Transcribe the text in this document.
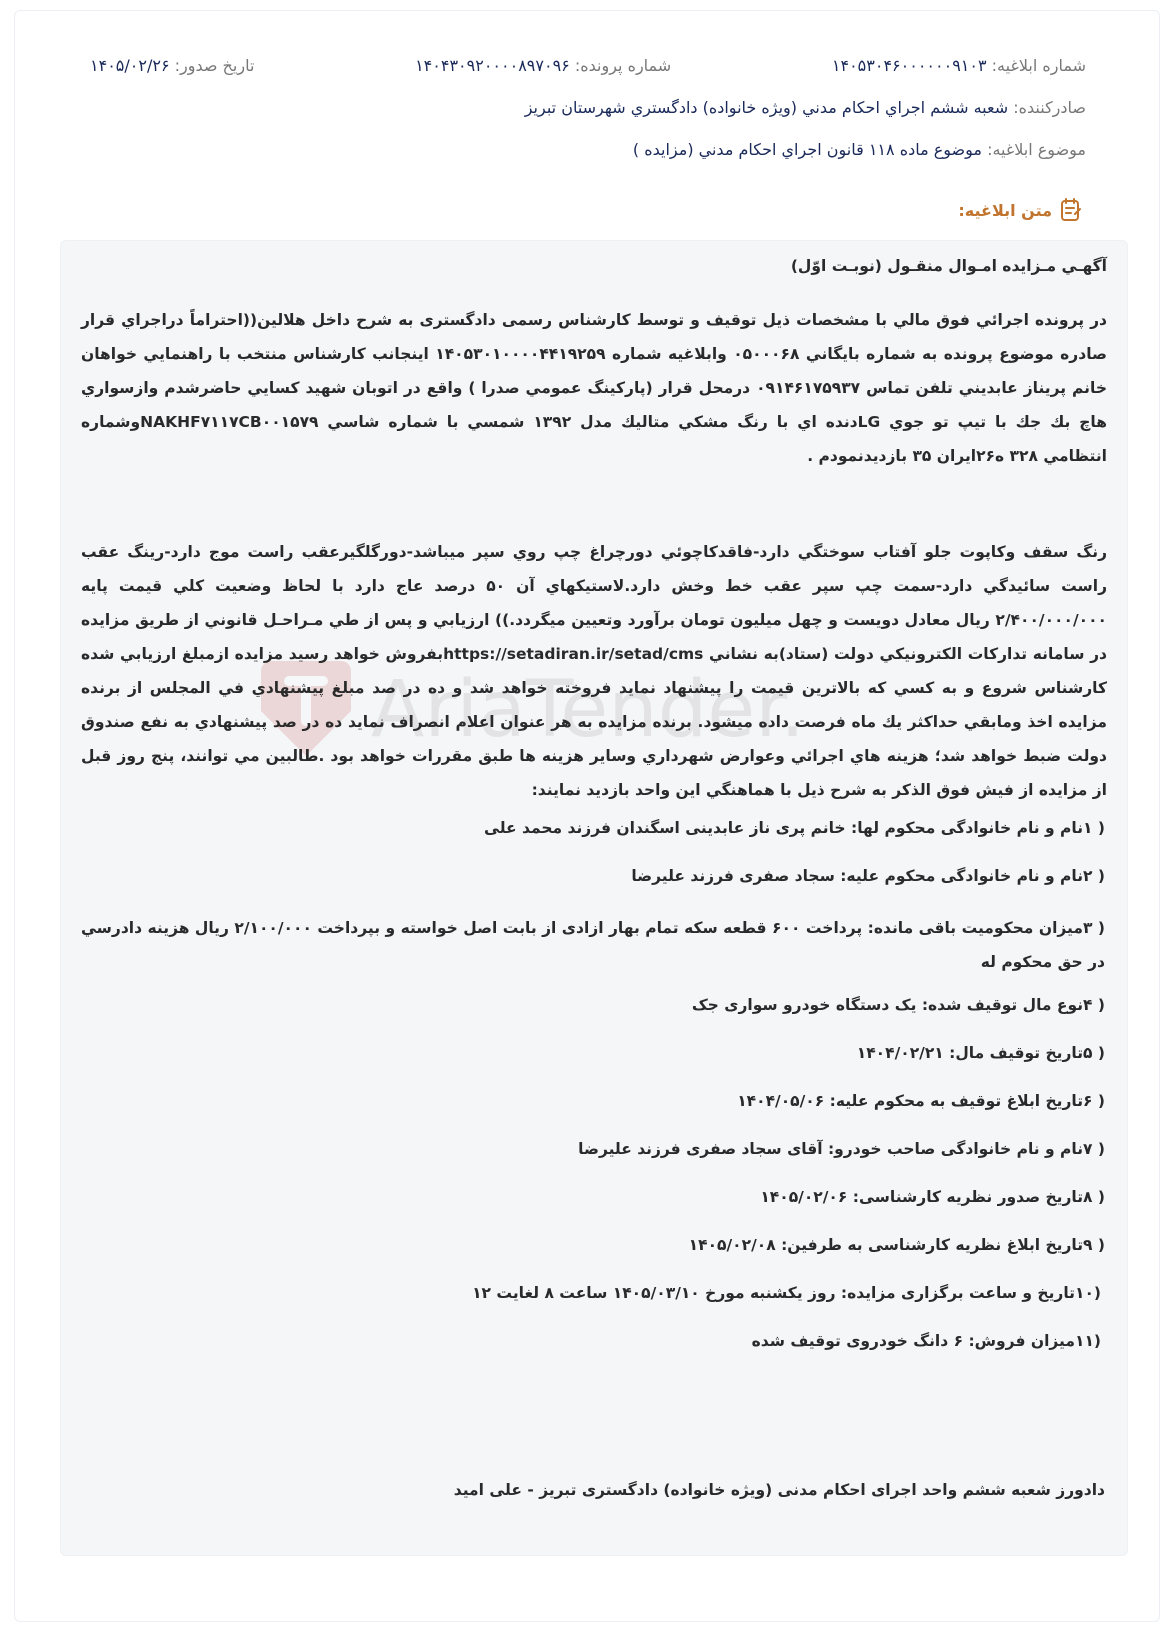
شماره ابلاغیه: ۱۴۰۵۳۰۴۶۰۰۰۰۰۰۹۱۰۳
شماره پرونده: ۱۴۰۴۳۰۹۲۰۰۰۰۸۹۷۰۹۶
تاریخ صدور: ۱۴۰۵/۰۲/۲۶
صادرکننده: شعبه ششم اجراي احكام مدني (ويژه خانواده) دادگستري شهرستان تبريز
موضوع ابلاغیه: موضوع ماده ۱۱۸ قانون اجراي احكام مدني (مزايده )
متن ابلاغیه:
AriaTender.
آگهـي مـزايده امـوال منقـول (نوبـت اوّل)
در پرونده اجرائي فوق مالي با مشخصات ذيل توقيف و توسط كارشناس رسمی دادگستری به شرح داخل هلالين((احتراماً دراجراي قرار صادره موضوع پرونده به شماره بايگاني ۰۵۰۰۰۶۸ وابلاغيه شماره ۱۴۰۵۳۰۱۰۰۰۰۴۴۱۹۲۵۹ اينجانب كارشناس منتخب با راهنمايي خواهان خانم پريناز عابديني تلفن تماس ۰۹۱۴۶۱۷۵۹۳۷ درمحل قرار (پاركينگ عمومي صدرا ) واقع در اتوبان شهيد كسايي حاضرشدم وازسواري هاچ بك جك با تيپ تو جوي LGدنده اي با رنگ مشكي متاليك مدل ۱۳۹۲ شمسي با شماره شاسي NAKHF۷۱۱۷CB۰۰۱۵۷۹وشماره انتظامي ۳۲۸ ه۲۶ايران ۳۵ بازديدنمودم .
رنگ سقف وكاپوت جلو آفتاب سوختگي دارد-فاقدكاچوئي دورچراغ چپ روي سپر ميباشد-دورگلگيرعقب راست موج دارد-رينگ عقب راست سائيدگي دارد-سمت چپ سپر عقب خط وخش دارد.لاستيكهاي آن ۵۰ درصد عاج دارد با لحاظ وضعيت كلي قيمت پايه ۲/۴۰۰/۰۰۰/۰۰۰ ريال معادل دويست و چهل ميليون تومان برآورد وتعيين ميگردد.)) ارزيابي و پس از طي مـراحـل قانوني از طريق مزايده در سامانه تداركات الكترونيكي دولت (ستاد)به نشاني https://setadiran.ir/setad/cmsبفروش خواهد رسيد مزايده ازمبلغ ارزيابي شده كارشناس شروع و به كسي كه بالاترين قيمت را پيشنهاد نمايد فروخته خواهد شد و ده در صد مبلغ پيشنهادي في المجلس از برنده مزايده اخذ ومابقي حداكثر يك ماه فرصت داده ميشود. برنده مزايده به هر عنوان اعلام انصراف نمايد ده در صد پيشنهادي به نفع صندوق دولت ضبط خواهد شد؛ هزينه هاي اجرائي وعوارض شهرداري وساير هزينه ها طبق مقررات خواهد بود .طالبين مي توانند، پنج روز قبل از مزايده از فيش فوق الذكر به شرح ذيل با هماهنگي اين واحد بازديد نمايند:
( ۱نام و نام خانوادگی محکوم لها: خانم پری ناز عابدینی اسگندان فرزند محمد علی
( ۲نام و نام خانوادگی محکوم علیه: سجاد صفری فرزند علیرضا
( ۳میزان محکومیت باقی مانده: پرداخت ۶۰۰ قطعه سکه تمام بهار ازادی از بابت اصل خواسته و بپرداخت ۲/۱۰۰/۰۰۰ ريال هزينه دادرسي در حق محکوم له
( ۴نوع مال توقیف شده: یک دستگاه خودرو سواری جک
( ۵تاریخ توقیف مال: ۱۴۰۴/۰۲/۲۱
( ۶تاریخ ابلاغ توقیف به محکوم علیه: ۱۴۰۴/۰۵/۰۶
( ۷نام و نام خانوادگی صاحب خودرو: آقای سجاد صفری فرزند علیرضا
( ۸تاریخ صدور نظریه کارشناسی: ۱۴۰۵/۰۲/۰۶
( ۹تاریخ ابلاغ نظریه کارشناسی به طرفین: ۱۴۰۵/۰۲/۰۸
(۱۰تاریخ و ساعت برگزاری مزایده: روز یکشنبه مورخ ۱۴۰۵/۰۳/۱۰ ساعت ۸ لغایت ۱۲
(۱۱میزان فروش: ۶ دانگ خودروی توقیف شده
دادورز شعبه ششم واحد اجرای احکام مدنی (ویژه خانواده) دادگستری تبریز - علی امید
